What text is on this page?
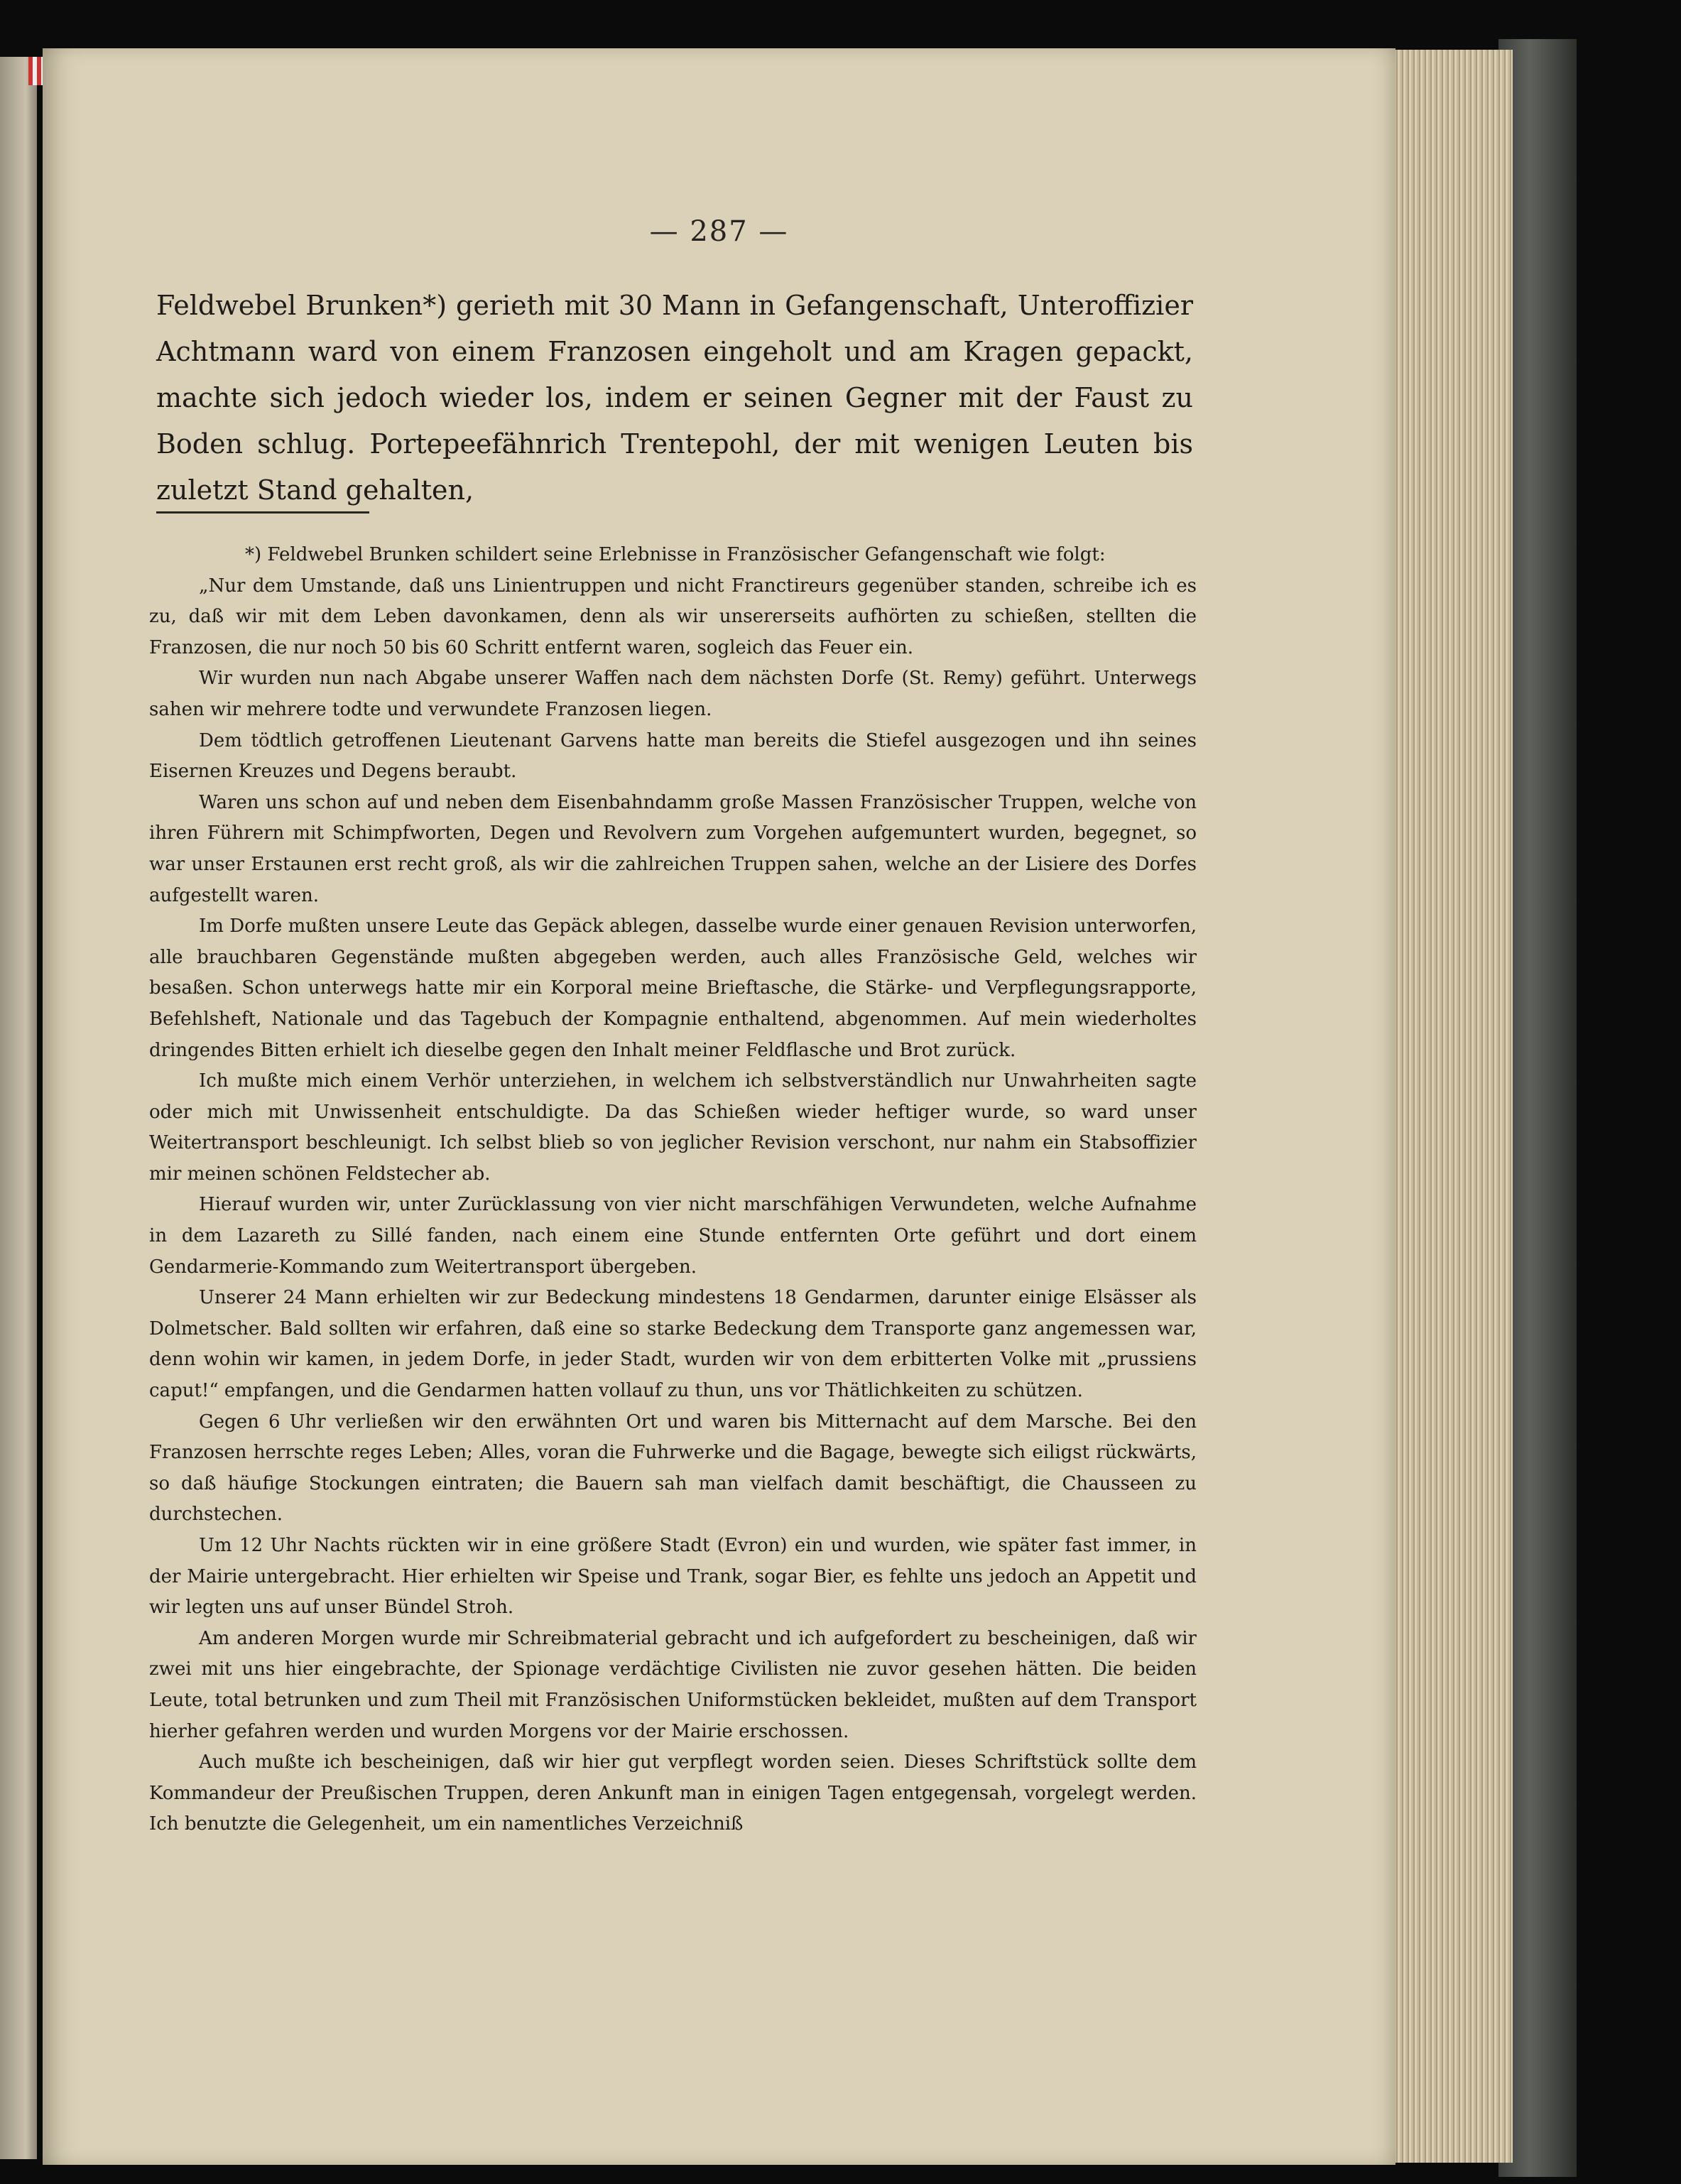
— 287 —

Feldwebel Brunken*) gerieth mit 30 Mann in Gefangenschaft, Unteroffizier Achtmann ward von einem Franzosen eingeholt und am Kragen gepackt, machte sich jedoch wieder los, indem er seinen Gegner mit der Faust zu Boden schlug. Portepeefähnrich Trentepohl, der mit wenigen Leuten bis zuletzt Stand gehalten,

*) Feldwebel Brunken schildert seine Erlebnisse in Französischer Gefangenschaft wie folgt:

„Nur dem Umstande, daß uns Linientruppen und nicht Franctireurs gegenüber standen, schreibe ich es zu, daß wir mit dem Leben davonkamen, denn als wir unsererseits aufhörten zu schießen, stellten die Franzosen, die nur noch 50 bis 60 Schritt entfernt waren, sogleich das Feuer ein.

Wir wurden nun nach Abgabe unserer Waffen nach dem nächsten Dorfe (St. Remy) geführt. Unterwegs sahen wir mehrere todte und verwundete Franzosen liegen.

Dem tödtlich getroffenen Lieutenant Garvens hatte man bereits die Stiefel ausgezogen und ihn seines Eisernen Kreuzes und Degens beraubt.

Waren uns schon auf und neben dem Eisenbahndamm große Massen Französischer Truppen, welche von ihren Führern mit Schimpfworten, Degen und Revolvern zum Vorgehen aufgemuntert wurden, begegnet, so war unser Erstaunen erst recht groß, als wir die zahlreichen Truppen sahen, welche an der Lisiere des Dorfes aufgestellt waren.

Im Dorfe mußten unsere Leute das Gepäck ablegen, dasselbe wurde einer genauen Revision unterworfen, alle brauchbaren Gegenstände mußten abgegeben werden, auch alles Französische Geld, welches wir besaßen. Schon unterwegs hatte mir ein Korporal meine Brieftasche, die Stärke- und Verpflegungsrapporte, Befehlsheft, Nationale und das Tagebuch der Kompagnie enthaltend, abgenommen. Auf mein wiederholtes dringendes Bitten erhielt ich dieselbe gegen den Inhalt meiner Feldflasche und Brot zurück.

Ich mußte mich einem Verhör unterziehen, in welchem ich selbstverständlich nur Unwahrheiten sagte oder mich mit Unwissenheit entschuldigte. Da das Schießen wieder heftiger wurde, so ward unser Weitertransport beschleunigt. Ich selbst blieb so von jeglicher Revision verschont, nur nahm ein Stabsoffizier mir meinen schönen Feldstecher ab.

Hierauf wurden wir, unter Zurücklassung von vier nicht marschfähigen Verwundeten, welche Aufnahme in dem Lazareth zu Sillé fanden, nach einem eine Stunde entfernten Orte geführt und dort einem Gendarmerie-Kommando zum Weitertransport übergeben.

Unserer 24 Mann erhielten wir zur Bedeckung mindestens 18 Gendarmen, darunter einige Elsässer als Dolmetscher. Bald sollten wir erfahren, daß eine so starke Bedeckung dem Transporte ganz angemessen war, denn wohin wir kamen, in jedem Dorfe, in jeder Stadt, wurden wir von dem erbitterten Volke mit „prussiens caput!“ empfangen, und die Gendarmen hatten vollauf zu thun, uns vor Thätlichkeiten zu schützen.

Gegen 6 Uhr verließen wir den erwähnten Ort und waren bis Mitternacht auf dem Marsche. Bei den Franzosen herrschte reges Leben; Alles, voran die Fuhrwerke und die Bagage, bewegte sich eiligst rückwärts, so daß häufige Stockungen eintraten; die Bauern sah man vielfach damit beschäftigt, die Chausseen zu durchstechen.

Um 12 Uhr Nachts rückten wir in eine größere Stadt (Evron) ein und wurden, wie später fast immer, in der Mairie untergebracht. Hier erhielten wir Speise und Trank, sogar Bier, es fehlte uns jedoch an Appetit und wir legten uns auf unser Bündel Stroh.

Am anderen Morgen wurde mir Schreibmaterial gebracht und ich aufgefordert zu bescheinigen, daß wir zwei mit uns hier eingebrachte, der Spionage verdächtige Civilisten nie zuvor gesehen hätten. Die beiden Leute, total betrunken und zum Theil mit Französischen Uniformstücken bekleidet, mußten auf dem Transport hierher gefahren werden und wurden Morgens vor der Mairie erschossen.

Auch mußte ich bescheinigen, daß wir hier gut verpflegt worden seien. Dieses Schriftstück sollte dem Kommandeur der Preußischen Truppen, deren Ankunft man in einigen Tagen entgegensah, vorgelegt werden. Ich benutzte die Gelegenheit, um ein namentliches Verzeichniß
